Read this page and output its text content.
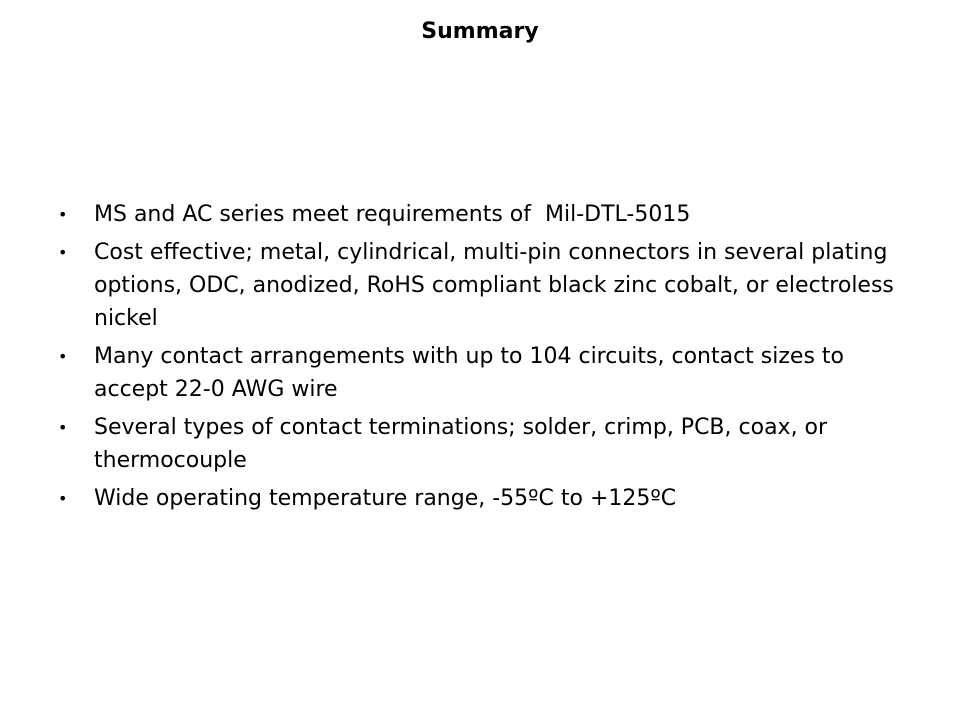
Summary
• MS and AC series meet requirements of  Mil-DTL-5015
• Cost effective; metal, cylindrical, multi-pin connectors in several plating options, ODC, anodized, RoHS compliant black zinc cobalt, or electroless nickel
• Many contact arrangements with up to 104 circuits, contact sizes to accept 22-0 AWG wire
• Several types of contact terminations; solder, crimp, PCB, coax, or thermocouple
• Wide operating temperature range, -55ºC to +125ºC
